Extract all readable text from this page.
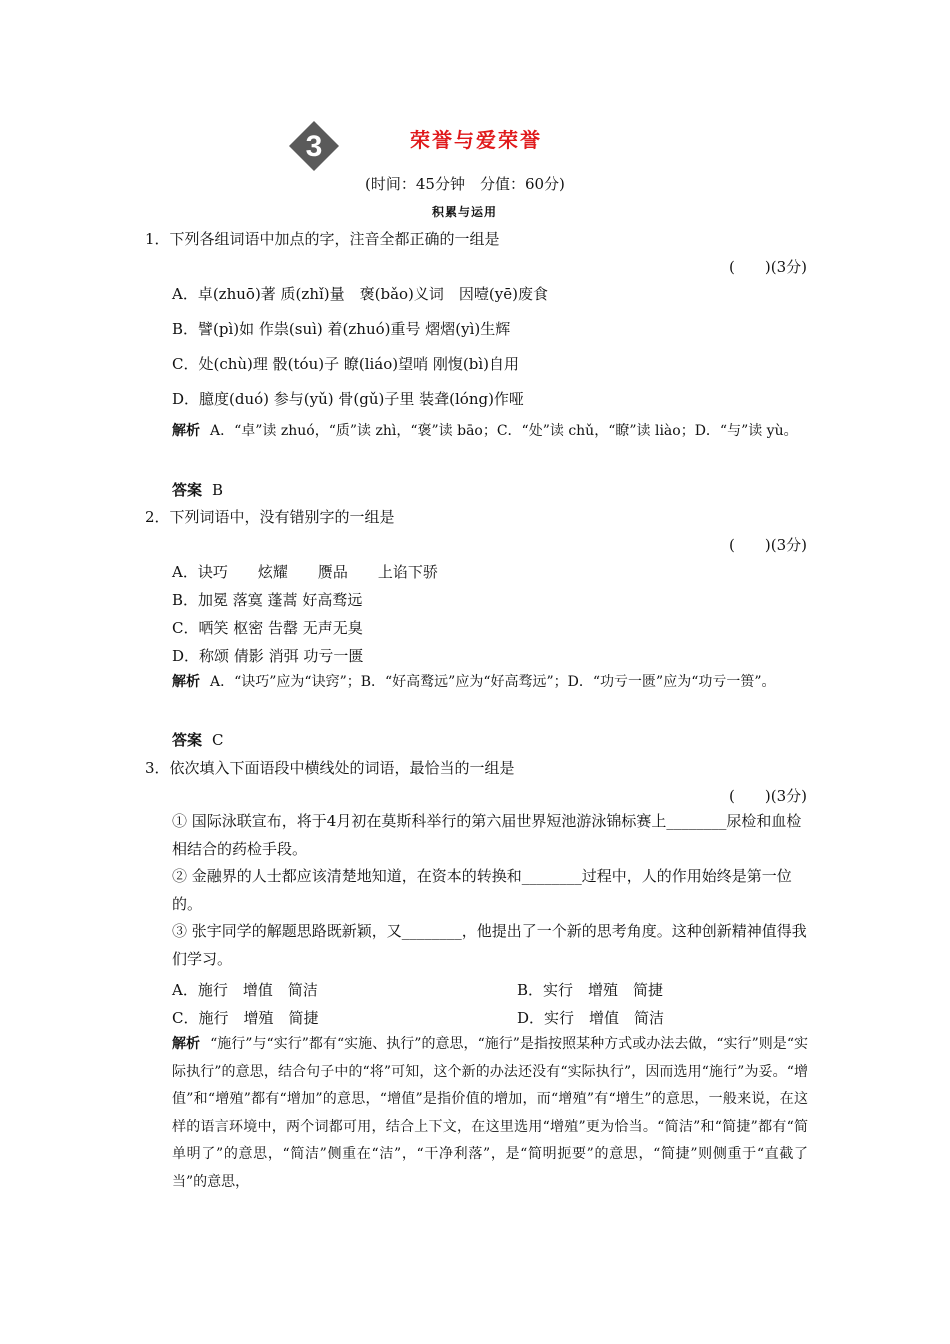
3	荣誉与爱荣誉
(时间：45分钟　分值：60分)
积累与运用
1．下列各组词语中加点的字，注音全都正确的一组是
(　　)(3分)
A．卓(zhuō)著 质(zhǐ)量　褒(bǎo)义词　因噎(yē)废食
B．譬(pì)如 作祟(suì) 着(zhuó)重号 熠熠(yì)生辉
C．处(chù)理 骰(tóu)子 瞭(liáo)望哨 刚愎(bì)自用
D．臆度(duó) 参与(yǔ) 骨(gǔ)子里 装聋(lóng)作哑
解析 A．“卓”读 zhuó，“质”读 zhì，“褒”读 bāo；C．“处”读 chǔ，“瞭”读 liào；D．“与”读 yù。
答案 B
2．下列词语中，没有错别字的一组是
(　　)(3分)
A．诀巧　　炫耀　　赝品　　上谄下骄
B．加冕 落寞 蓬蒿 好高骛远
C．哂笑 枢密 告罄 无声无臭
D．称颂 倩影 消弭 功亏一匮
解析 A．“诀巧”应为“诀窍”；B．“好高鹜远”应为“好高骛远”；D．“功亏一匮”应为“功亏一篑”。
答案 C
3．依次填入下面语段中横线处的词语，最恰当的一组是
(　　)(3分)
① 国际泳联宣布，将于4月初在莫斯科举行的第六届世界短池游泳锦标赛上________尿检和血检相结合的药检手段。
② 金融界的人士都应该清楚地知道，在资本的转换和________过程中，人的作用始终是第一位的。
③ 张宇同学的解题思路既新颖，又________，他提出了一个新的思考角度。这种创新精神值得我们学习。
A．施行　增值　简洁	B．实行　增殖　简捷
C．施行　增殖　简捷	D．实行　增值　简洁
解析 “施行”与“实行”都有“实施、执行”的意思，“施行”是指按照某种方式或办法去做，“实行”则是“实际执行”的意思，结合句子中的“将”可知，这个新的办法还没有“实际执行”，因而选用“施行”为妥。“增值”和“增殖”都有“增加”的意思，“增值”是指价值的增加，而“增殖”有“增生”的意思，一般来说，在这样的语言环境中，两个词都可用，结合上下文，在这里选用“增殖”更为恰当。“简洁”和“简捷”都有“简单明了”的意思，“简洁”侧重在“洁”，“干净利落”，是“简明扼要”的意思，“简捷”则侧重于“直截了当”的意思，
